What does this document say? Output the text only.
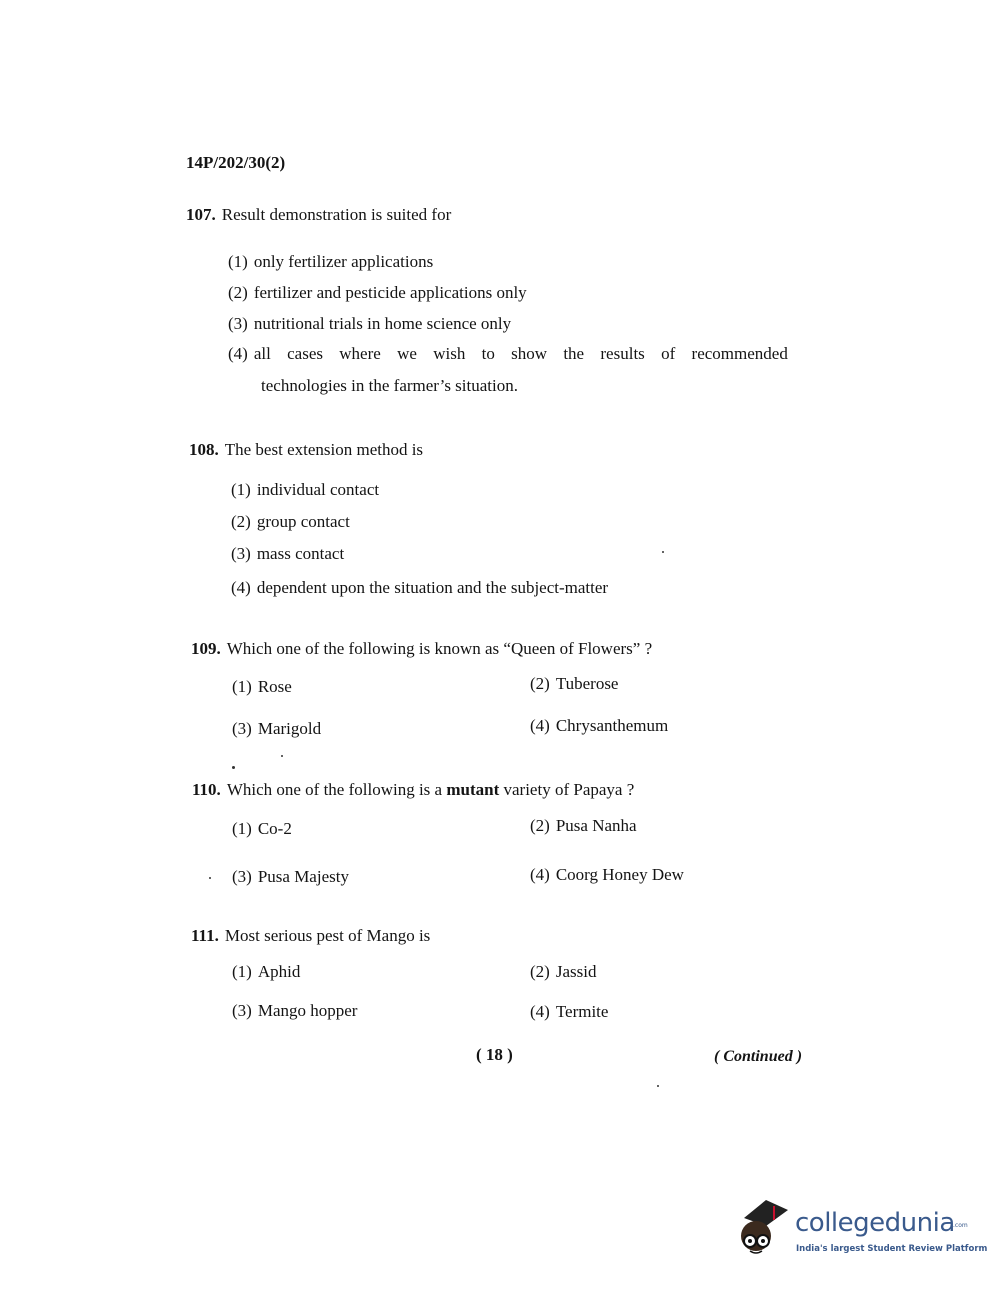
14P/202/30(2)
107. Result demonstration is suited for
(1) only fertilizer applications
(2) fertilizer and pesticide applications only
(3) nutritional trials in home science only
(4) all cases where we wish to show the results of recommended
technologies in the farmer’s situation.
108. The best extension method is
(1) individual contact
(2) group contact
(3) mass contact
(4) dependent upon the situation and the subject-matter
109. Which one of the following is known as “Queen of Flowers” ?
(1) Rose	(2) Tuberose
(3) Marigold	(4) Chrysanthemum
110. Which one of the following is a mutant variety of Papaya ?
(1) Co-2	(2) Pusa Nanha
(3) Pusa Majesty	(4) Coorg Honey Dew
111. Most serious pest of Mango is
(1) Aphid	(2) Jassid
(3) Mango hopper	(4) Termite
( 18 )	( Continued )
collegedunia
.com
India's largest Student Review Platform
